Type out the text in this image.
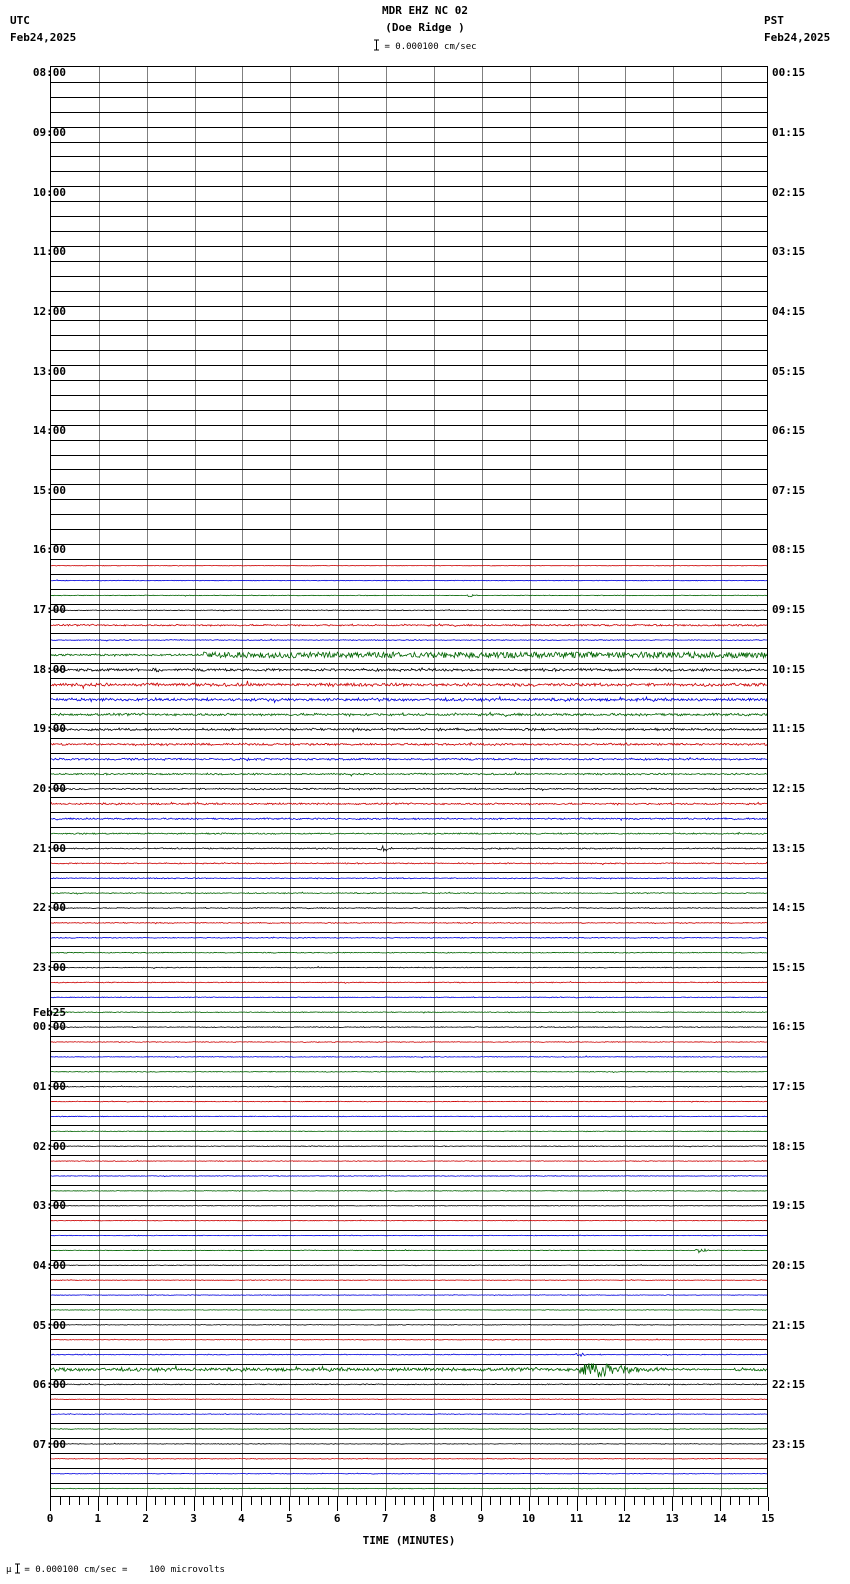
UTC
Feb24,2025
PST
Feb24,2025
MDR EHZ NC 02
(Doe Ridge )
= 0.000100 cm/sec
08:00
09:00
10:00
11:00
12:00
13:00
14:00
15:00
16:00
17:00
18:00
19:00
20:00
21:00
22:00
23:00
00:00
01:00
02:00
03:00
04:00
05:00
06:00
07:00
00:15
01:15
02:15
03:15
04:15
05:15
06:15
07:15
08:15
09:15
10:15
11:15
12:15
13:15
14:15
15:15
16:15
17:15
18:15
19:15
20:15
21:15
22:15
23:15
Feb25
0	1	2	3	4	5	6	7	8	9	10	11	12	13	14	15
TIME (MINUTES)
µ = 0.000100 cm/sec =    100 microvolts
